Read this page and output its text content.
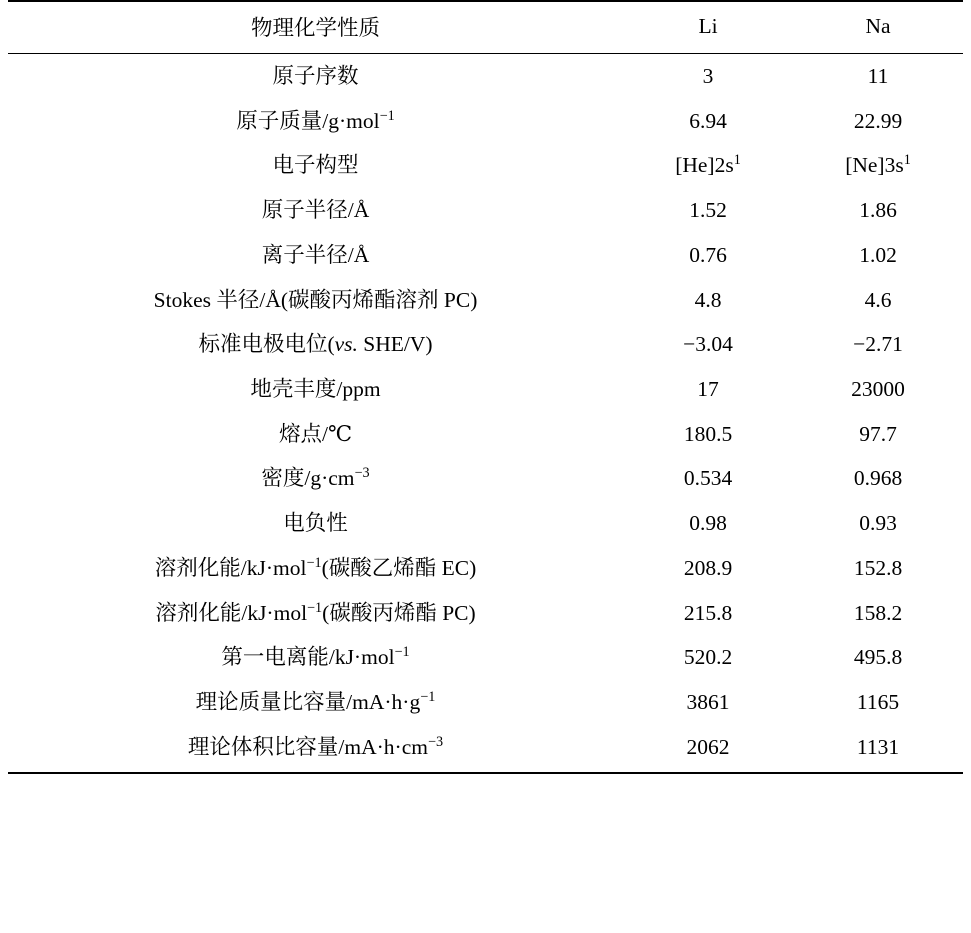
物理化学性质	Li	Na
原子序数	3	11
原子质量/g·mol$^{-1}$	6.94	22.99
电子构型	$[He]2s^1$	$[Ne]3s^1$
原子半径/Å	1.52	1.86
离子半径/Å	0.76	1.02
Stokes 半径/Å(碳酸丙烯酯溶剂 PC)	4.8	4.6
标准电极电位(vs. SHE/V)	−3.04	−2.71
地壳丰度/ppm	17	23000
熔点/℃	180.5	97.7
密度$/g\cdot cm^{-3}$	0.534	0.968
电负性	0.98	0.93
溶剂化能/kJ·mol$^{-1}$(碳酸乙烯酯 EC)	208.9	152.8
溶剂化能/kJ·mol$^{-1}$(碳酸丙烯酯 PC)	215.8	158.2
第一电离能/kJ·mol$^{-1}$	520.2	495.8
理论质量比容量$/mA\cdot h\cdot g^{-1}$	3861	1165
理论体积比容量$/mA\cdot h\cdot cm^{-3}$	2062	1131
